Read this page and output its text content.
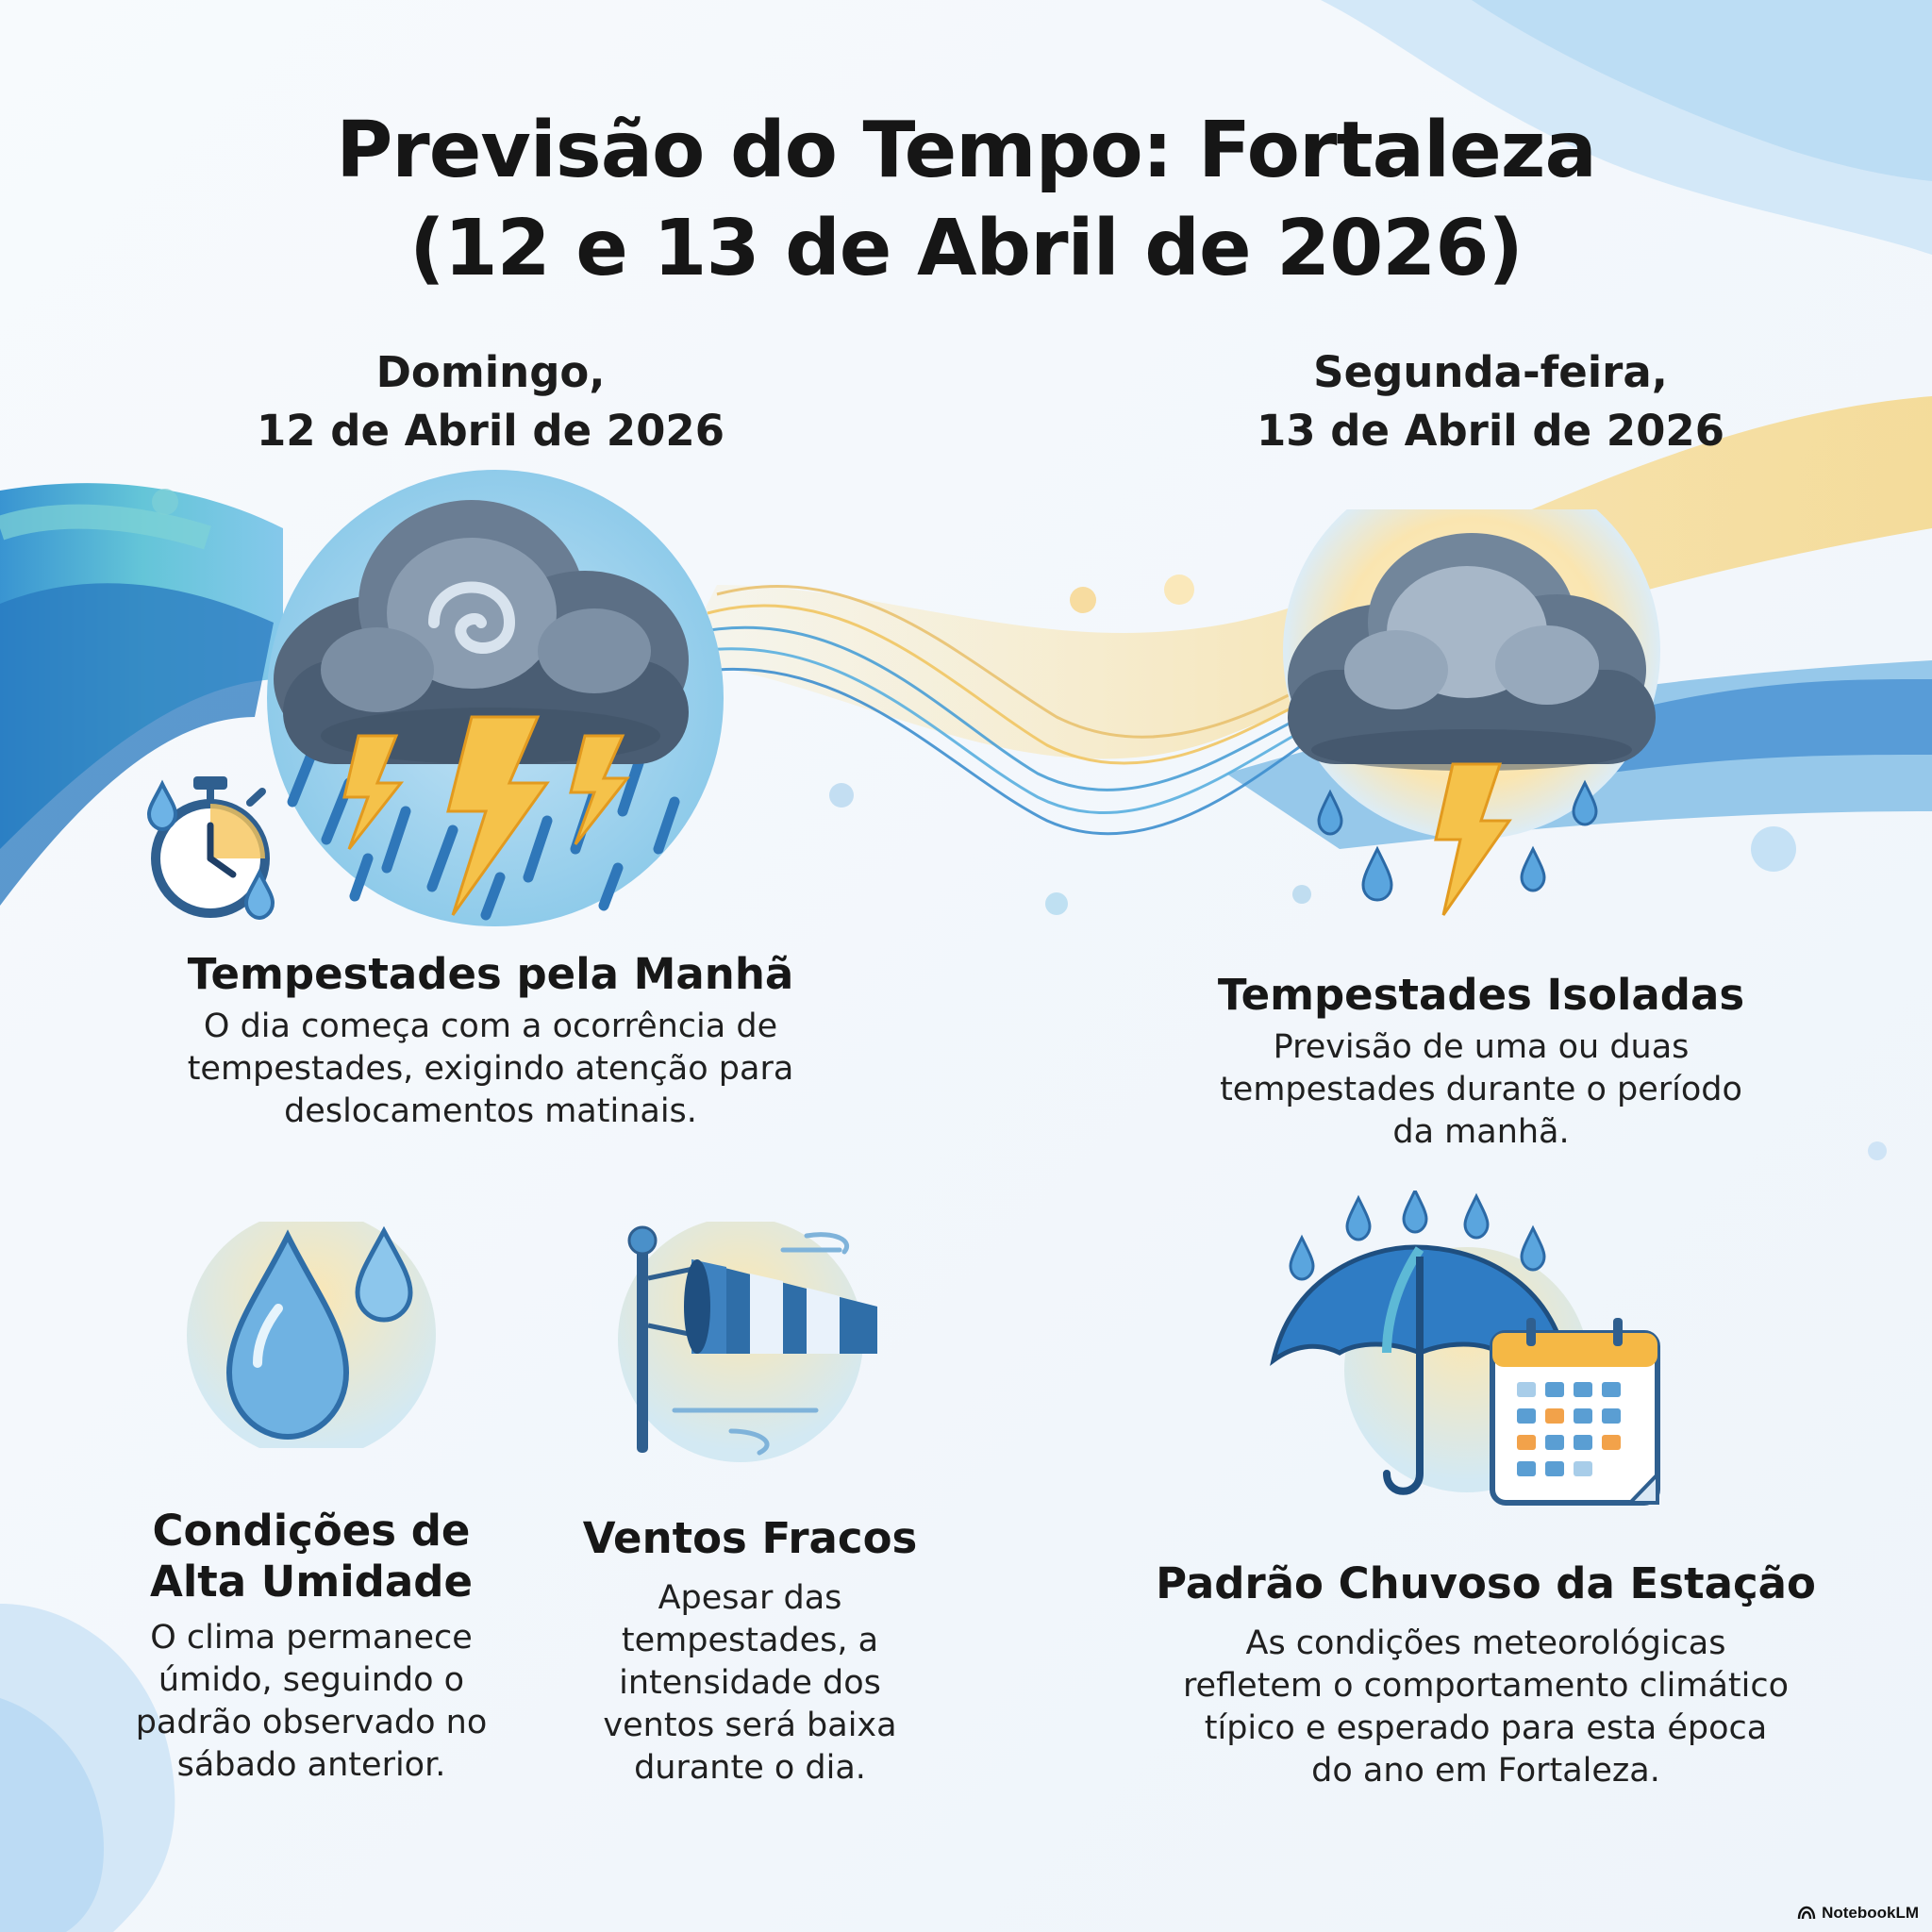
Previsão do Tempo: Fortaleza
(12 e 13 de Abril de 2026)
Domingo,
12 de Abril de 2026
Segunda-feira,
13 de Abril de 2026
Tempestades pela Manhã
O dia começa com a ocorrência de
tempestades, exigindo atenção para
deslocamentos matinais.
Tempestades Isoladas
Previsão de uma ou duas
tempestades durante o período
da manhã.
Condições de
Alta Umidade
O clima permanece
úmido, seguindo o
padrão observado no
sábado anterior.
Ventos Fracos
Apesar das
tempestades, a
intensidade dos
ventos será baixa
durante o dia.
Padrão Chuvoso da Estação
As condições meteorológicas
refletem o comportamento climático
típico e esperado para esta época
do ano em Fortaleza.
NotebookLM
